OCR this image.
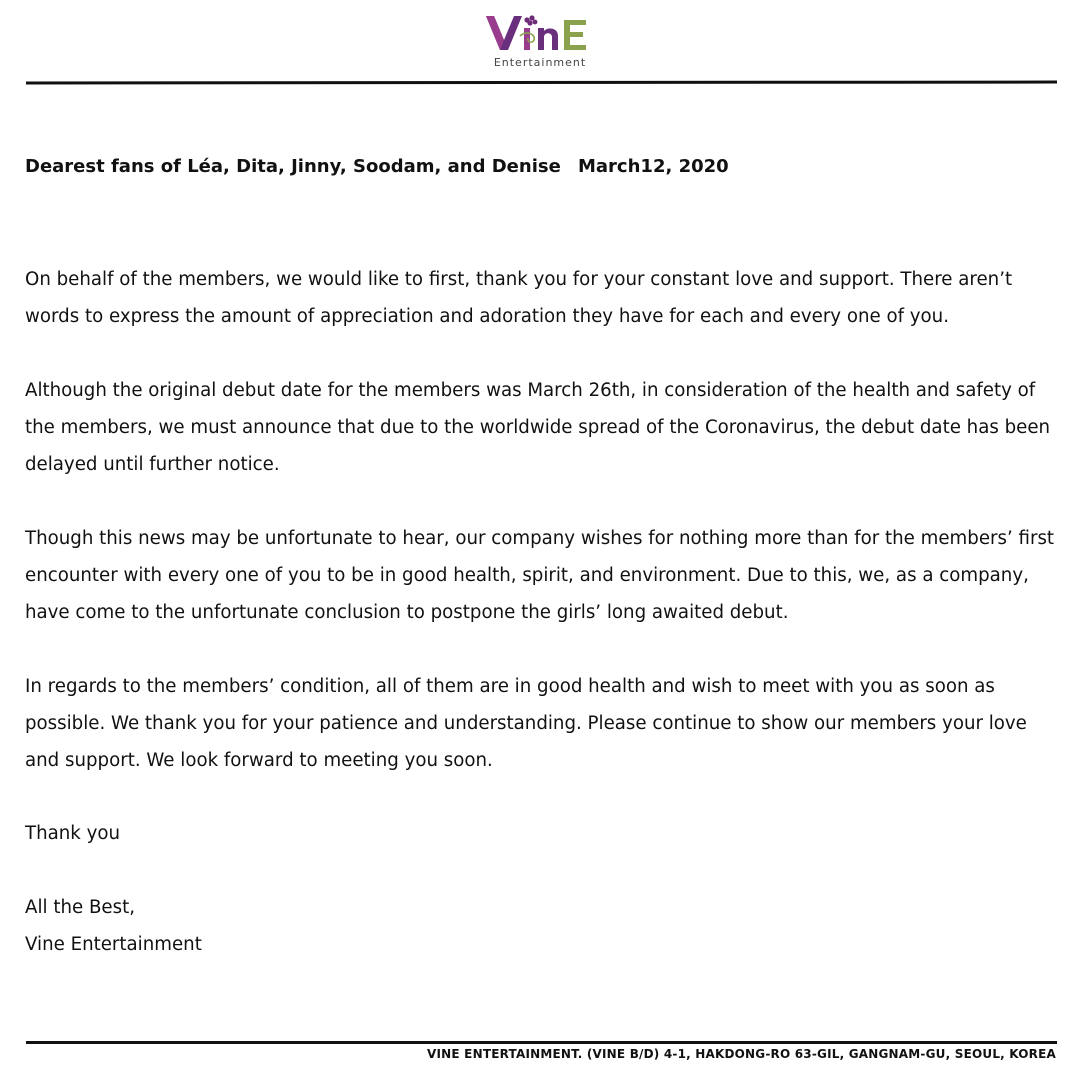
Entertainment
Dearest fans of Léa, Dita, Jinny, Soodam, and Denise March12, 2020

On behalf of the members, we would like to first, thank you for your constant love and support. There aren’t words to express the amount of appreciation and adoration they have for each and every one of you.

Although the original debut date for the members was March 26th, in consideration of the health and safety of the members, we must announce that due to the worldwide spread of the Coronavirus, the debut date has been delayed until further notice.

Though this news may be unfortunate to hear, our company wishes for nothing more than for the members’ first encounter with every one of you to be in good health, spirit, and environment. Due to this, we, as a company, have come to the unfortunate conclusion to postpone the girls’ long awaited debut.

In regards to the members’ condition, all of them are in good health and wish to meet with you as soon as possible. We thank you for your patience and understanding. Please continue to show our members your love and support. We look forward to meeting you soon.

Thank you
All the Best,
Vine Entertainment
VINE ENTERTAINMENT. (VINE B/D) 4-1, HAKDONG-RO 63-GIL, GANGNAM-GU, SEOUL, KOREA
